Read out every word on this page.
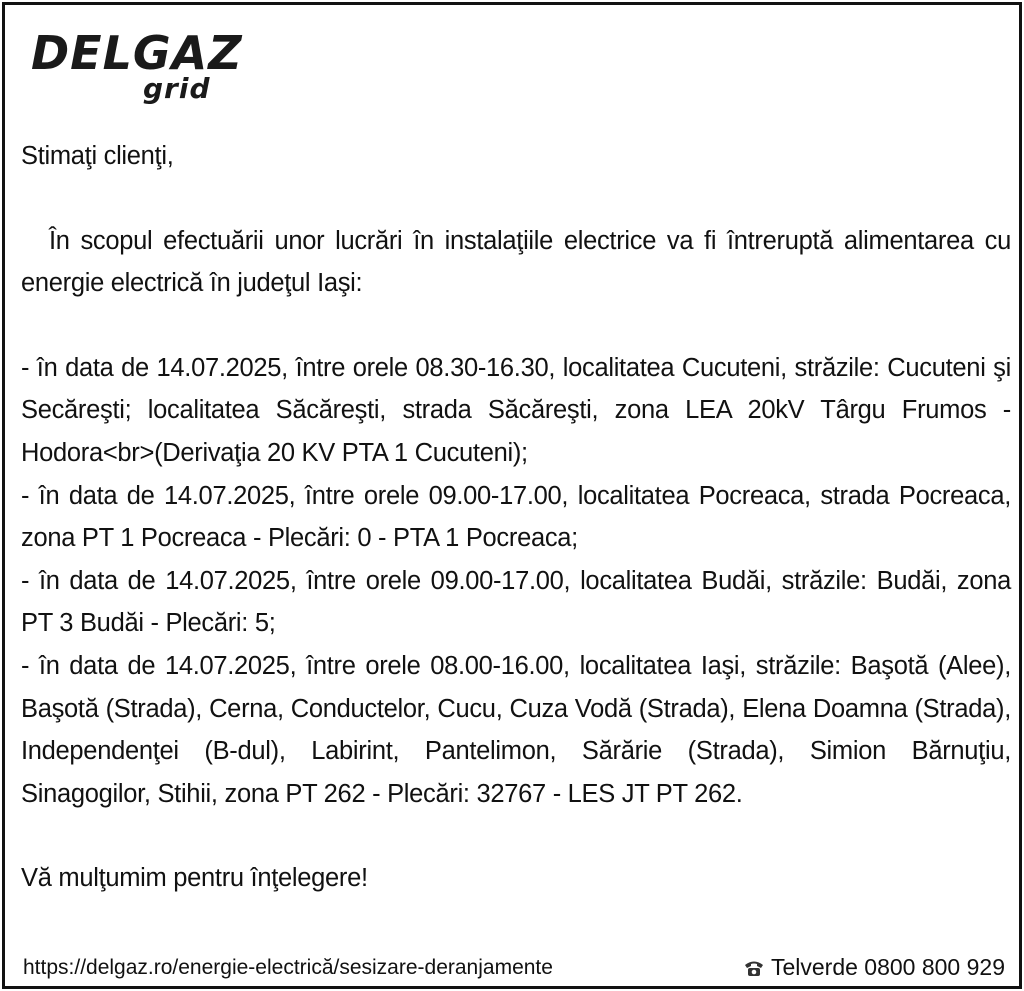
DELGAZ
grid

Stimaţi clienţi,

În scopul efectuării unor lucrări în instalaţiile electrice va fi întreruptă alimentarea cu energie electrică în judeţul Iaşi:

- în data de 14.07.2025, între orele 08.30-16.30, localitatea Cucuteni, străzile: Cucuteni şi Secăreşti; localitatea Săcăreşti, strada Săcăreşti, zona LEA 20kV Târgu Frumos - Hodora<br>(Derivaţia 20 KV PTA 1 Cucuteni);

- în data de 14.07.2025, între orele 09.00-17.00, localitatea Pocreaca, strada Pocreaca, zona PT 1 Pocreaca - Plecări: 0 - PTA 1 Pocreaca;

- în data de 14.07.2025, între orele 09.00-17.00, localitatea Budăi, străzile: Budăi, zona PT 3 Budăi - Plecări: 5;

- în data de 14.07.2025, între orele 08.00-16.00, localitatea Iaşi, străzile: Başotă (Alee), Başotă (Strada), Cerna, Conductelor, Cucu, Cuza Vodă (Strada), Elena Doamna (Strada), Independenţei (B-dul), Labirint, Pantelimon, Sărărie (Strada), Simion Bărnuţiu, Sinagogilor, Stihii, zona PT 262 - Plecări: 32767 - LES JT PT 262.

Vă mulţumim pentru înţelegere!

https://delgaz.ro/energie-electrică/sesizare-deranjamente	Telverde 0800 800 929
